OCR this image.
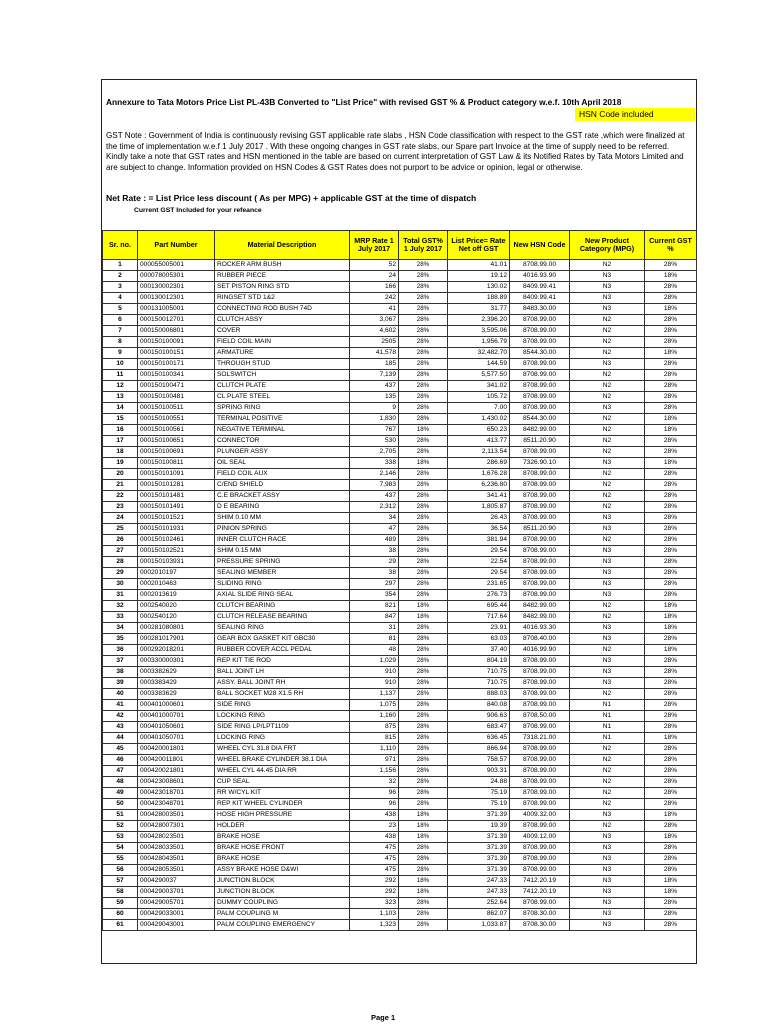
Annexure to Tata Motors Price List PL-43B Converted to "List Price" with revised GST % & Product category w.e.f. 10th April 2018
HSN Code included
GST Note : Government of India is continuously revising GST applicable rate slabs , HSN Code classification with respect to the GST rate ,which were finalized at the time of implementation w.e.f 1 July 2017 . With these ongoing changes in GST rate slabs, our Spare part Invoice at the time of supply need to be referred. Kindly take a note that GST rates and HSN mentioned in the table are based on current interpretation of GST Law & its Notified Rates by Tata Motors Limited and are subject to change. Information provided on HSN Codes & GST Rates does not purport to be advice or opinion, legal or otherwise.
Net Rate : = List Price less discount ( As per MPG) + applicable GST at the time of dispatch
Current GST Included for your refeance
Sr. no.	Part Number	Material Description	MRP Rate 1 July 2017	Total GST% 1 July 2017	List Price= Rate Net off GST	New HSN Code	New Product Category (MPG)	Current GST %
1	000055005001	ROCKER ARM BUSH	52	28%	41.01	8708.99.00	N2	28%
2	000078005301	RUBBER PIECE	24	28%	19.12	4016.93.90	N3	18%
3	000130002301	SET PISTON RING STD	166	28%	130.02	8409.99.41	N3	28%
4	000130012301	RINGSET STD 1&2	242	28%	188.89	8409.99.41	N3	28%
5	000131005001	CONNECTING ROD BUSH 74D	41	28%	31.77	8483.30.00	N3	18%
6	000150012701	CLUTCH ASSY	3,067	28%	2,396.20	8708.99.00	N2	28%
7	000150006801	COVER	4,602	28%	3,595.06	8708.99.00	N2	28%
8	000150100091	FIELD COIL MAIN	2505	28%	1,956.79	8708.99.00	N2	28%
9	000150100151	ARMATURE	41,578	28%	32,482.70	8544.30.00	N2	18%
10	000150100171	THROUGH STUD	185	28%	144.59	8708.99.00	N3	28%
11	000150100341	SOLSWITCH	7,139	28%	5,577.50	8708.99.00	N2	28%
12	000150100471	CLUTCH PLATE	437	28%	341.02	8708.99.00	N2	28%
13	000150100481	CL PLATE STEEL	135	28%	105.72	8708.99.00	N2	28%
14	000150100511	SPRING RING	9	28%	7.00	8708.99.00	N3	28%
15	000150100551	TERMINAL POSITIVE	1,830	28%	1,430.02	8544.30.00	N2	18%
16	000150100561	NEGATIVE TERMINAL	767	18%	650.23	8482.99.00	N2	18%
17	000150100651	CONNECTOR	530	28%	413.77	8511.20.90	N2	28%
18	000150100691	PLUNGER ASSY	2,705	28%	2,113.54	8708.99.00	N2	28%
19	000150100811	OIL SEAL	338	18%	286.69	7326.90.10	N3	18%
20	000150101091	FIELD COIL AUX	2,146	28%	1,676.28	8708.99.00	N2	28%
21	000150101281	C/END SHIELD	7,983	28%	6,236.80	8708.99.00	N2	28%
22	000150101481	C.E BRACKET ASSY	437	28%	341.41	8708.99.00	N2	28%
23	000150101491	D E BEARING	2,312	28%	1,805.87	8708.99.00	N2	28%
24	000150101521	SHIM 0.10 MM	34	28%	26.43	8708.99.00	N3	28%
25	000150101931	PINION SPRING	47	28%	36.54	8511.20.90	N3	28%
26	000150102461	INNER CLUTCH RACE	489	28%	381.94	8708.99.00	N2	28%
27	000150102521	SHIM 0.15 MM	38	28%	29.54	8708.99.00	N3	28%
28	000150103931	PRESSURE SPRING	29	28%	22.54	8708.99.00	N3	28%
29	0002010197	SEALING MEMBER	38	28%	29.54	8708.99.00	N3	28%
30	0002010463	SLIDING RING	297	28%	231.65	8708.99.00	N3	28%
31	0002013619	AXIAL SLIDE RING SEAL	354	28%	276.73	8708.99.00	N3	28%
32	0002540020	CLUTCH BEARING	821	18%	695.44	8482.99.00	N2	18%
33	0002540120	CLUTCH RELEASE BEARING	847	18%	717.64	8482.99.00	N2	18%
34	000281080801	SEALING RING	31	28%	23.91	4016.93.30	N3	18%
35	000281017901	GEAR BOX GASKET KIT GBC30	81	28%	63.03	8708.40.00	N3	28%
36	000292018201	RUBBER COVER ACCL PEDAL	48	28%	37.40	4016.99.90	N2	18%
37	000330000301	REP KIT TIE ROD	1,029	28%	804.19	8708.99.00	N3	28%
38	0003382629	BALL JOINT LH	910	28%	710.75	8708.99.00	N3	28%
39	0003383429	ASSY. BALL JOINT RH	910	28%	710.75	8708.99.00	N3	28%
40	0003383629	BALL SOCKET M28 X1.5 RH	1,137	28%	888.03	8708.99.00	N2	28%
41	000401000601	SIDE RING	1,075	28%	840.08	8708.99.00	N1	28%
42	000401000701	LOCKING RING	1,160	28%	906.63	8708.50.00	N1	28%
43	000401050601	SIDE RING LP/LPT1109	875	28%	683.47	8708.99.00	N1	28%
44	000401050701	LOCKING RING	815	28%	636.45	7318.21.00	N1	18%
45	000420001801	WHEEL CYL 31.8 DIA FRT	1,110	28%	866.94	8708.99.00	N2	28%
46	000420011801	WHEEL BRAKE CYLINDER 38.1 DIA	971	28%	758.57	8708.99.00	N2	28%
47	000420021801	WHEEL CYL 44.45 DIA RR	1,156	28%	903.31	8708.99.00	N2	28%
48	000423008601	CUP SEAL	32	28%	24.88	8708.99.00	N2	28%
49	000423018701	RR W/CYL KIT	96	28%	75.19	8708.99.00	N2	28%
50	000423048701	REP KIT WHEEL CYLINDER	96	28%	75.19	8708.99.00	N2	28%
51	000428003501	HOSE HIGH PRESSURE	438	18%	371.39	4009.32.00	N3	18%
52	000428007301	HOLDER	23	18%	19.39	8708.99.00	N2	28%
53	000428023501	BRAKE HOSE	438	18%	371.39	4009.12.00	N3	18%
54	000428033501	BRAKE HOSE FRONT	475	28%	371.39	8708.99.00	N3	28%
55	000428043501	BRAKE HOSE	475	28%	371.39	8708.99.00	N3	28%
56	000428053501	ASSY BRAKE HOSE D&WI	475	28%	371.39	8708.99.00	N3	28%
57	0004290037	JUNCTION BLOCK	292	18%	247.33	7412.20.19	N3	18%
58	000429003701	JUNCTION BLOCK	292	18%	247.33	7412.20.19	N3	18%
59	000429005701	DUMMY COUPLING	323	28%	252.64	8708.99.00	N3	28%
60	000429033001	PALM COUPLING M	1,103	28%	862.07	8708.30.00	N3	28%
61	000429043001	PALM COUPLING EMERGENCY	1,323	28%	1,033.87	8708.30.00	N3	28%
Page 1
